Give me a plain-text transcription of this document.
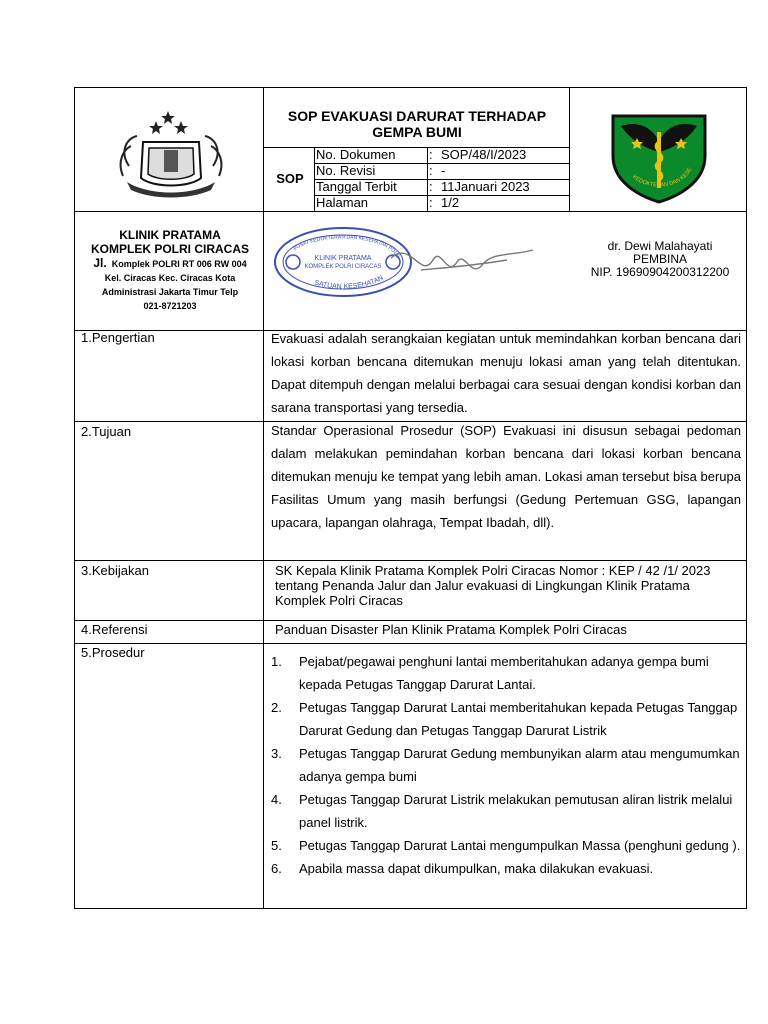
SOP EVAKUASI DARURAT TERHADAP GEMPA BUMI
SOP
No. Dokumen	: SOP/48/I/2023
No. Revisi	: -
Tanggal Terbit : 11Januari 2023
Halaman	: 1/2
KEDOKTERAN DAN KESE
KLINIK PRATAMA
KOMPLEK POLRI CIRACAS
Jl. Komplek POLRI RT 006 RW 004
Kel. Ciracas Kec. Ciracas Kota
Administrasi Jakarta Timur Telp
021-8721203
PUSAT KEDOKTERAN DAN KESEHATAN POLR
SATUAN KESEHATAN
KLINIK PRATAMA
KOMPLEK POLRI CIRACAS
dr. Dewi Malahayati
PEMBINA
NIP. 19690904200312200
1.Pengertian	Evakuasi adalah serangkaian kegiatan untuk memindahkan korban bencana dari lokasi korban bencana ditemukan menuju lokasi aman yang telah ditentukan. Dapat ditempuh dengan melalui berbagai cara sesuai dengan kondisi korban dan sarana transportasi yang tersedia.
2.Tujuan	Standar Operasional Prosedur (SOP) Evakuasi ini disusun sebagai pedoman dalam melakukan pemindahan korban bencana dari lokasi korban bencana ditemukan menuju ke tempat yang lebih aman. Lokasi aman tersebut bisa berupa Fasilitas Umum yang masih berfungsi (Gedung Pertemuan GSG, lapangan upacara, lapangan olahraga, Tempat Ibadah, dll).
3.Kebijakan	SK Kepala Klinik Pratama Komplek Polri Ciracas Nomor : KEP / 42 /1/ 2023 tentang Penanda Jalur dan Jalur evakuasi di Lingkungan Klinik Pratama Komplek Polri Ciracas
4.Referensi	Panduan Disaster Plan Klinik Pratama Komplek Polri Ciracas
5.Prosedur
1. Pejabat/pegawai penghuni lantai memberitahukan adanya gempa bumi kepada Petugas Tanggap Darurat Lantai.
2. Petugas Tanggap Darurat Lantai memberitahukan kepada Petugas Tanggap Darurat Gedung dan Petugas Tanggap Darurat Listrik
3. Petugas Tanggap Darurat Gedung membunyikan alarm atau mengumumkan adanya gempa bumi
4. Petugas Tanggap Darurat Listrik melakukan pemutusan aliran listrik melalui panel listrik.
5. Petugas Tanggap Darurat Lantai mengumpulkan Massa (penghuni gedung ).
6. Apabila massa dapat dikumpulkan, maka dilakukan evakuasi.
